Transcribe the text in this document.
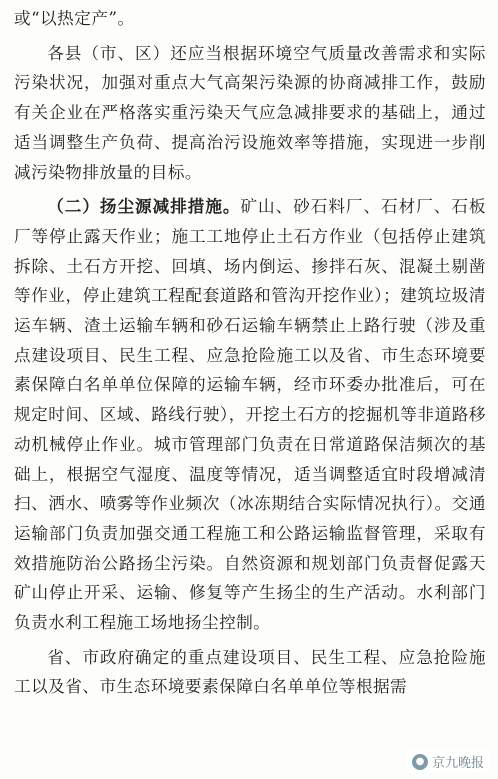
或“以热定产”。

各县（市、区）还应当根据环境空气质量改善需求和实际污染状况，加强对重点大气高架污染源的协商减排工作，鼓励有关企业在严格落实重污染天气应急减排要求的基础上，通过适当调整生产负荷、提高治污设施效率等措施，实现进一步削减污染物排放量的目标。

（二）扬尘源减排措施。矿山、砂石料厂、石材厂、石板厂等停止露天作业；施工工地停止土石方作业（包括停止建筑拆除、土石方开挖、回填、场内倒运、掺拌石灰、混凝土剔凿等作业，停止建筑工程配套道路和管沟开挖作业）；建筑垃圾清运车辆、渣土运输车辆和砂石运输车辆禁止上路行驶（涉及重点建设项目、民生工程、应急抢险施工以及省、市生态环境要素保障白名单单位保障的运输车辆，经市环委办批准后，可在规定时间、区域、路线行驶），开挖土石方的挖掘机等非道路移动机械停止作业。城市管理部门负责在日常道路保洁频次的基础上，根据空气湿度、温度等情况，适当调整适宜时段增减清扫、洒水、喷雾等作业频次（冰冻期结合实际情况执行）。交通运输部门负责加强交通工程施工和公路运输监督管理，采取有效措施防治公路扬尘污染。自然资源和规划部门负责督促露天矿山停止开采、运输、修复等产生扬尘的生产活动。水利部门负责水利工程施工场地扬尘控制。

省、市政府确定的重点建设项目、民生工程、应急抢险施工以及省、市生态环境要素保障白名单单位等根据需

● 京九晚报
